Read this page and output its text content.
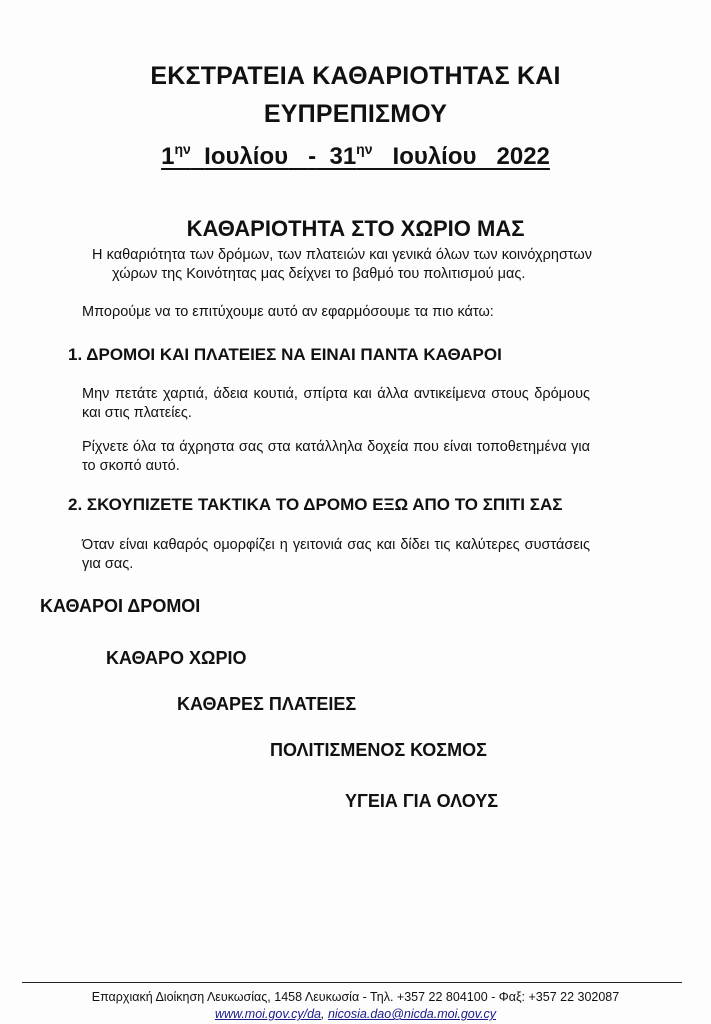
ΕΚΣΤΡΑΤΕΙΑ ΚΑΘΑΡΙΟΤΗΤΑΣ ΚΑΙ
ΕΥΠΡΕΠΙΣΜΟΥ
$1^{\eta\nu}$ Ιουλίου - $31^{\eta\nu}$ Ιουλίου 2022
ΚΑΘΑΡΙΟΤΗΤΑ ΣΤΟ ΧΩΡΙΟ ΜΑΣ

Η καθαριότητα των δρόμων, των πλατειών και γενικά όλων των κοινόχρηστων χώρων της Κοινότητας μας δείχνει το βαθμό του πολιτισμού μας.

Μπορούμε να το επιτύχουμε αυτό αν εφαρμόσουμε τα πιο κάτω:

1. ΔΡΟΜΟΙ ΚΑΙ ΠΛΑΤΕΙΕΣ ΝΑ ΕΙΝΑΙ ΠΑΝΤΑ ΚΑΘΑΡΟΙ

Μην πετάτε χαρτιά, άδεια κουτιά, σπίρτα και άλλα αντικείμενα στους δρόμους και στις πλατείες.

Ρίχνετε όλα τα άχρηστα σας στα κατάλληλα δοχεία που είναι τοποθετημένα για το σκοπό αυτό.

2. ΣΚΟΥΠΙΖΕΤΕ ΤΑΚΤΙΚΑ ΤΟ ΔΡΟΜΟ ΕΞΩ ΑΠΟ ΤΟ ΣΠΙΤΙ ΣΑΣ

Όταν είναι καθαρός ομορφίζει η γειτονιά σας και δίδει τις καλύτερες συστάσεις για σας.

ΚΑΘΑΡΟΙ ΔΡΟΜΟΙ
ΚΑΘΑΡΟ ΧΩΡΙΟ
ΚΑΘΑΡΕΣ ΠΛΑΤΕΙΕΣ
ΠΟΛΙΤΙΣΜΕΝΟΣ ΚΟΣΜΟΣ
ΥΓΕΙΑ ΓΙΑ ΟΛΟΥΣ
Επαρχιακή Διοίκηση Λευκωσίας, 1458 Λευκωσία - Τηλ. +357 22 804100 - Φαξ: +357 22 302087
www.moi.gov.cy/da, nicosia.dao@nicda.moi.gov.cy
